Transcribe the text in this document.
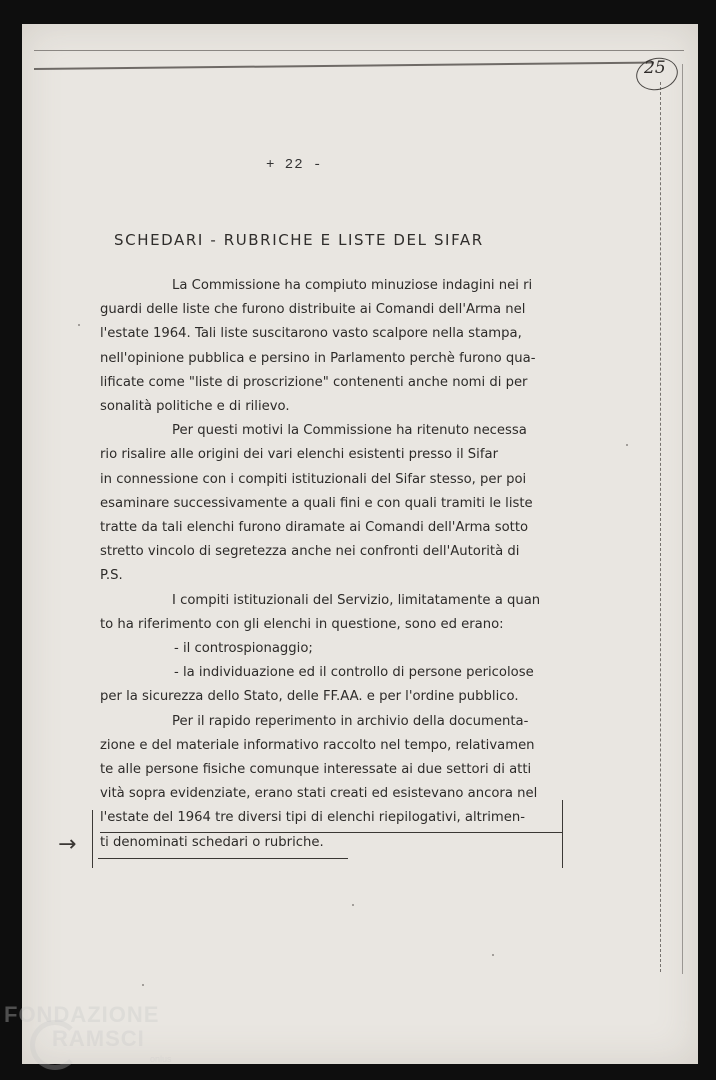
25
+ 22 -
SCHEDARI - RUBRICHE E LISTE DEL SIFAR
La Commissione ha compiuto minuziose indagini nei ri
guardi delle liste che furono distribuite ai Comandi dell'Arma nel
l'estate 1964. Tali liste suscitarono vasto scalpore nella stampa,
nell'opinione pubblica e persino in Parlamento perchè furono qua-
lificate come "liste di proscrizione" contenenti anche nomi di per
sonalità politiche e di rilievo.
Per questi motivi la Commissione ha ritenuto necessa
rio risalire alle origini dei vari elenchi esistenti presso il Sifar
in connessione con i compiti istituzionali del Sifar stesso, per poi
esaminare successivamente a quali fini e con quali tramiti le liste
tratte da tali elenchi furono diramate ai Comandi dell'Arma sotto
stretto vincolo di segretezza anche nei confronti dell'Autorità di
P.S.
I compiti istituzionali del Servizio, limitatamente a quan
to ha riferimento con gli elenchi in questione, sono ed erano:
- il controspionaggio;
- la individuazione ed il controllo di persone pericolose
per la sicurezza dello Stato, delle FF.AA. e per l'ordine pubblico.
Per il rapido reperimento in archivio della documenta-
zione e del materiale informativo raccolto nel tempo, relativamen
te alle persone fisiche comunque interessate ai due settori di atti
vità sopra evidenziate, erano stati creati ed esistevano ancora nel
l'estate del 1964 tre diversi tipi di elenchi riepilogativi, altrimen-
ti denominati schedari o rubriche.
→
FONDAZIONE
RAMSCI
onlus
